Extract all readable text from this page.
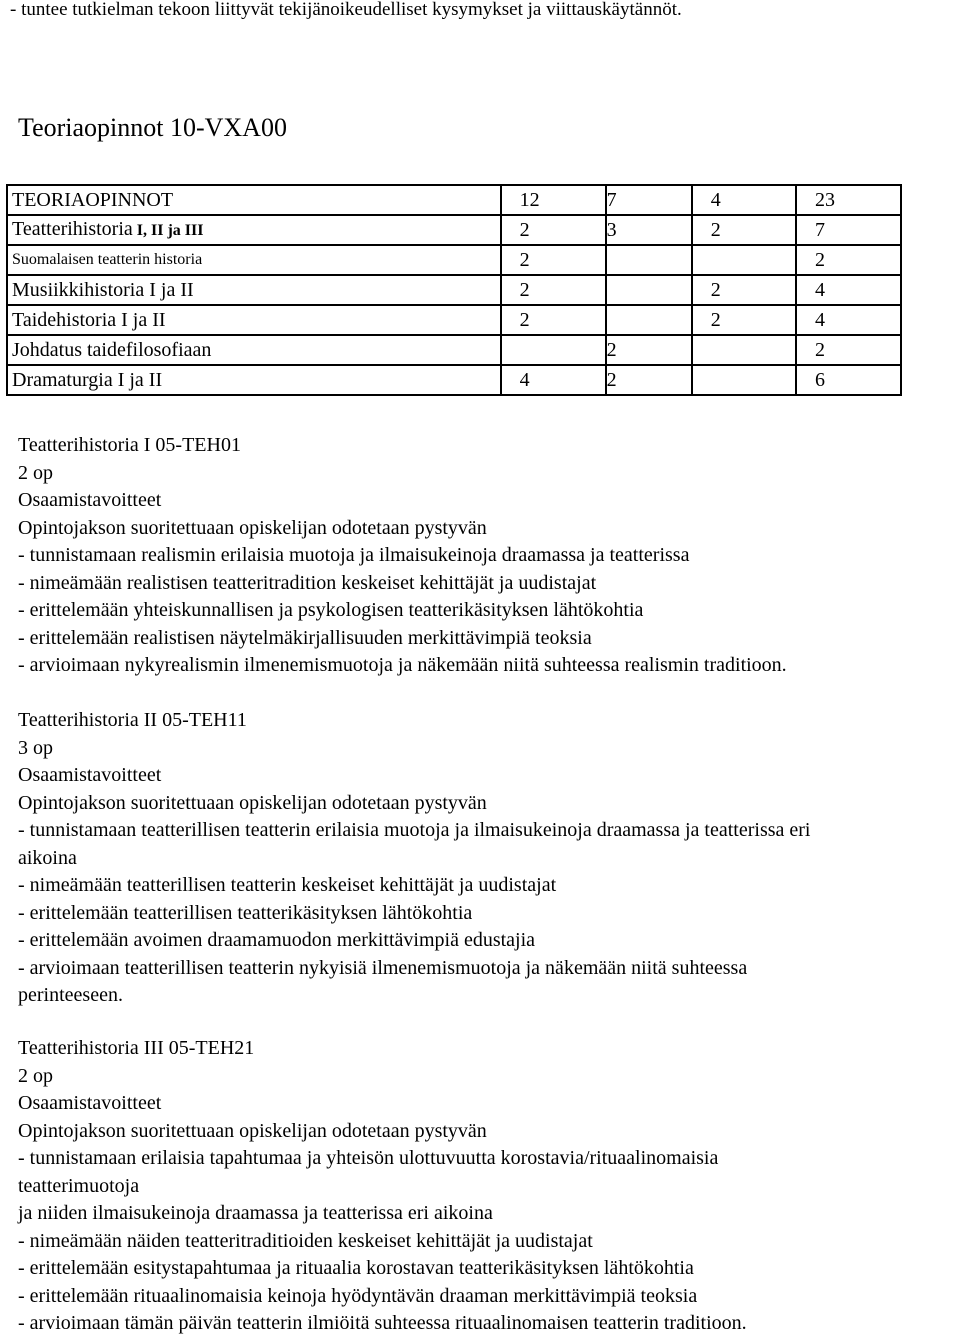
- tuntee tutkielman tekoon liittyvät tekijänoikeudelliset kysymykset ja viittauskäytännöt.
Teoriaopinnot 10-VXA00
TEORIAOPINNOT	12	7	4	23
Teatterihistoria I, II ja III	2	3	2	7
Suomalaisen teatterin historia	2			2
Musiikkihistoria I ja II	2		2	4
Taidehistoria I ja II	2		2	4
Johdatus taidefilosofiaan		2		2
Dramaturgia I ja II	4	2		6
Teatterihistoria I 05-TEH01
2 op
Osaamistavoitteet
Opintojakson suoritettuaan opiskelijan odotetaan pystyvän
- tunnistamaan realismin erilaisia muotoja ja ilmaisukeinoja draamassa ja teatterissa
- nimeämään realistisen teatteritradition keskeiset kehittäjät ja uudistajat
- erittelemään yhteiskunnallisen ja psykologisen teatterikäsityksen lähtökohtia
- erittelemään realistisen näytelmäkirjallisuuden merkittävimpiä teoksia
- arvioimaan nykyrealismin ilmenemismuotoja ja näkemään niitä suhteessa realismin traditioon.
Teatterihistoria II 05-TEH11
3 op
Osaamistavoitteet
Opintojakson suoritettuaan opiskelijan odotetaan pystyvän
- tunnistamaan teatterillisen teatterin erilaisia muotoja ja ilmaisukeinoja draamassa ja teatterissa eri
aikoina
- nimeämään teatterillisen teatterin keskeiset kehittäjät ja uudistajat
- erittelemään teatterillisen teatterikäsityksen lähtökohtia
- erittelemään avoimen draamamuodon merkittävimpiä edustajia
- arvioimaan teatterillisen teatterin nykyisiä ilmenemismuotoja ja näkemään niitä suhteessa
perinteeseen.
Teatterihistoria III 05-TEH21
2 op
Osaamistavoitteet
Opintojakson suoritettuaan opiskelijan odotetaan pystyvän
- tunnistamaan erilaisia tapahtumaa ja yhteisön ulottuvuutta korostavia/rituaalinomaisia
teatterimuotoja
ja niiden ilmaisukeinoja draamassa ja teatterissa eri aikoina
- nimeämään näiden teatteritraditioiden keskeiset kehittäjät ja uudistajat
- erittelemään esitystapahtumaa ja rituaalia korostavan teatterikäsityksen lähtökohtia
- erittelemään rituaalinomaisia keinoja hyödyntävän draaman merkittävimpiä teoksia
- arvioimaan tämän päivän teatterin ilmiöitä suhteessa rituaalinomaisen teatterin traditioon.
